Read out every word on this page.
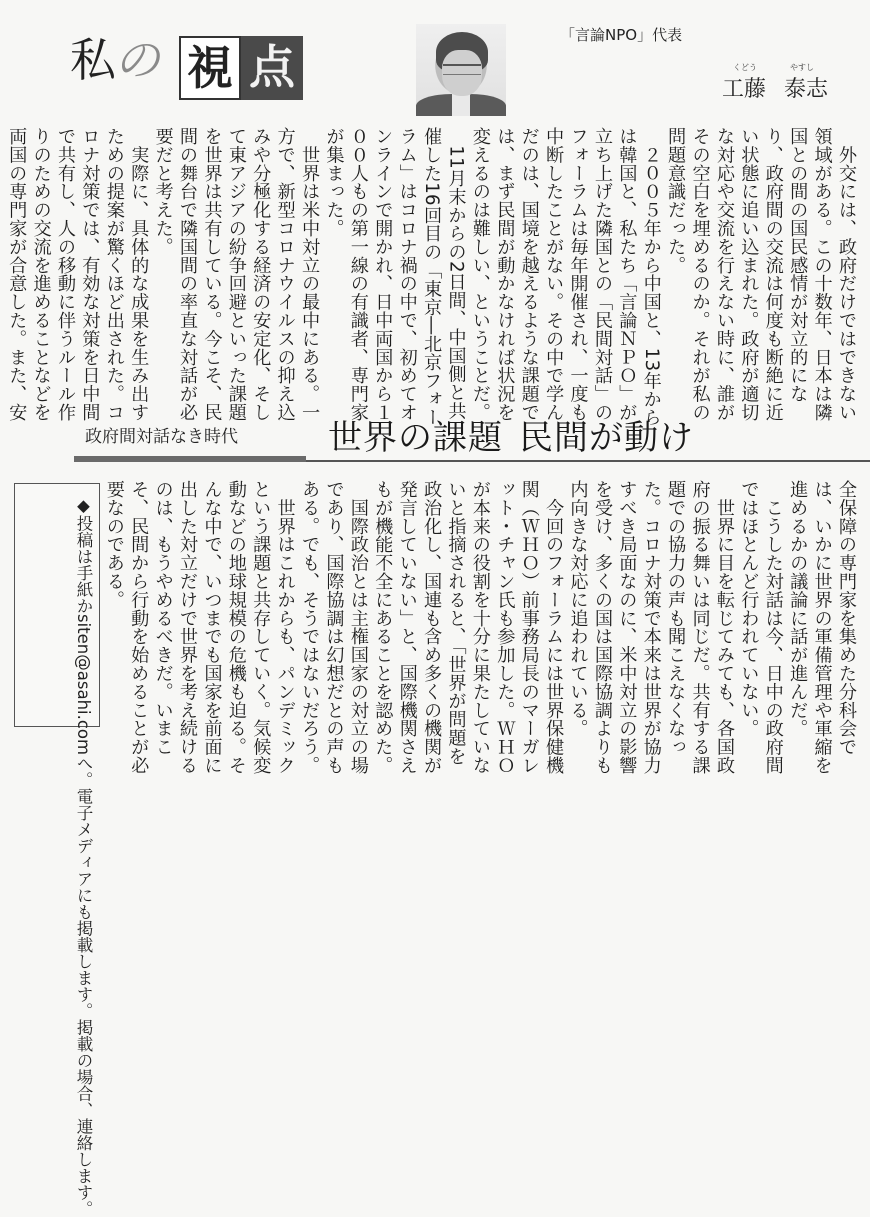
私の 視 点
「言論NPO」代表
くどう	やすし
工藤 泰志
　外交には、政府だけではできない
領域がある。この十数年、日本は隣
国との間の国民感情が対立的にな
り、政府間の交流は何度も断絶に近
い状態に追い込まれた。政府が適切
な対応や交流を行えない時に、誰が
その空白を埋めるのか。それが私の
問題意識だった。
　２００５年から中国と、13年から
は韓国と、私たち「言論ＮＰＯ」が
立ち上げた隣国との「民間対話」の
フォーラムは毎年開催され、一度も
中断したことがない。その中で学ん
だのは、国境を越えるような課題で
は、まず民間が動かなければ状況を
変えるのは難しい、ということだ。
　11月末からの2日間、中国側と共
催した16回目の「東京―北京フォー
ラム」はコロナ禍の中で、初めてオ
ンラインで開かれ、日中両国から１
００人もの第一線の有識者、専門家
が集まった。
　世界は米中対立の最中にある。一
方で、新型コロナウイルスの抑え込
みや分極化する経済の安定化、そし
て東アジアの紛争回避といった課題
を世界は共有している。今こそ、民
間の舞台で隣国間の率直な対話が必
要だと考えた。
　実際に、具体的な成果を生み出す
ための提案が驚くほど出された。コ
ロナ対策では、有効な対策を日中間
で共有し、人の移動に伴うルール作
りのための交流を進めることなどを
両国の専門家が合意した。また、安
政府間対話なき時代	世界の課題 民間が動け
全保障の専門家を集めた分科会で
は、いかに世界の軍備管理や軍縮を
進めるかの議論に話が進んだ。
　こうした対話は今、日中の政府間
ではほとんど行われていない。
　世界に目を転じてみても、各国政
府の振る舞いは同じだ。共有する課
題での協力の声も聞こえなくなっ
た。コロナ対策で本来は世界が協力
すべき局面なのに、米中対立の影響
を受け、多くの国は国際協調よりも
内向きな対応に追われている。
　今回のフォーラムには世界保健機
関（ＷＨＯ）前事務局長のマーガレ
ット・チャン氏も参加した。ＷＨＯ
が本来の役割を十分に果たしていな
いと指摘されると、「世界が問題を
政治化し、国連も含め多くの機関が
発言していない」と、国際機関さえ
もが機能不全にあることを認めた。
　国際政治とは主権国家の対立の場
であり、国際協調は幻想だとの声も
ある。でも、そうではないだろう。
　世界はこれからも、パンデミック
という課題と共存していく。気候変
動などの地球規模の危機も迫る。そ
んな中で、いつまでも国家を前面に
出した対立だけで世界を考え続ける
のは、もうやめるべきだ。いまこ
そ、民間から行動を始めることが必
要なのである。
◆投稿は手紙かsiten@asahi.comへ。電子メディアにも掲載します。掲載の場合、連絡します。
